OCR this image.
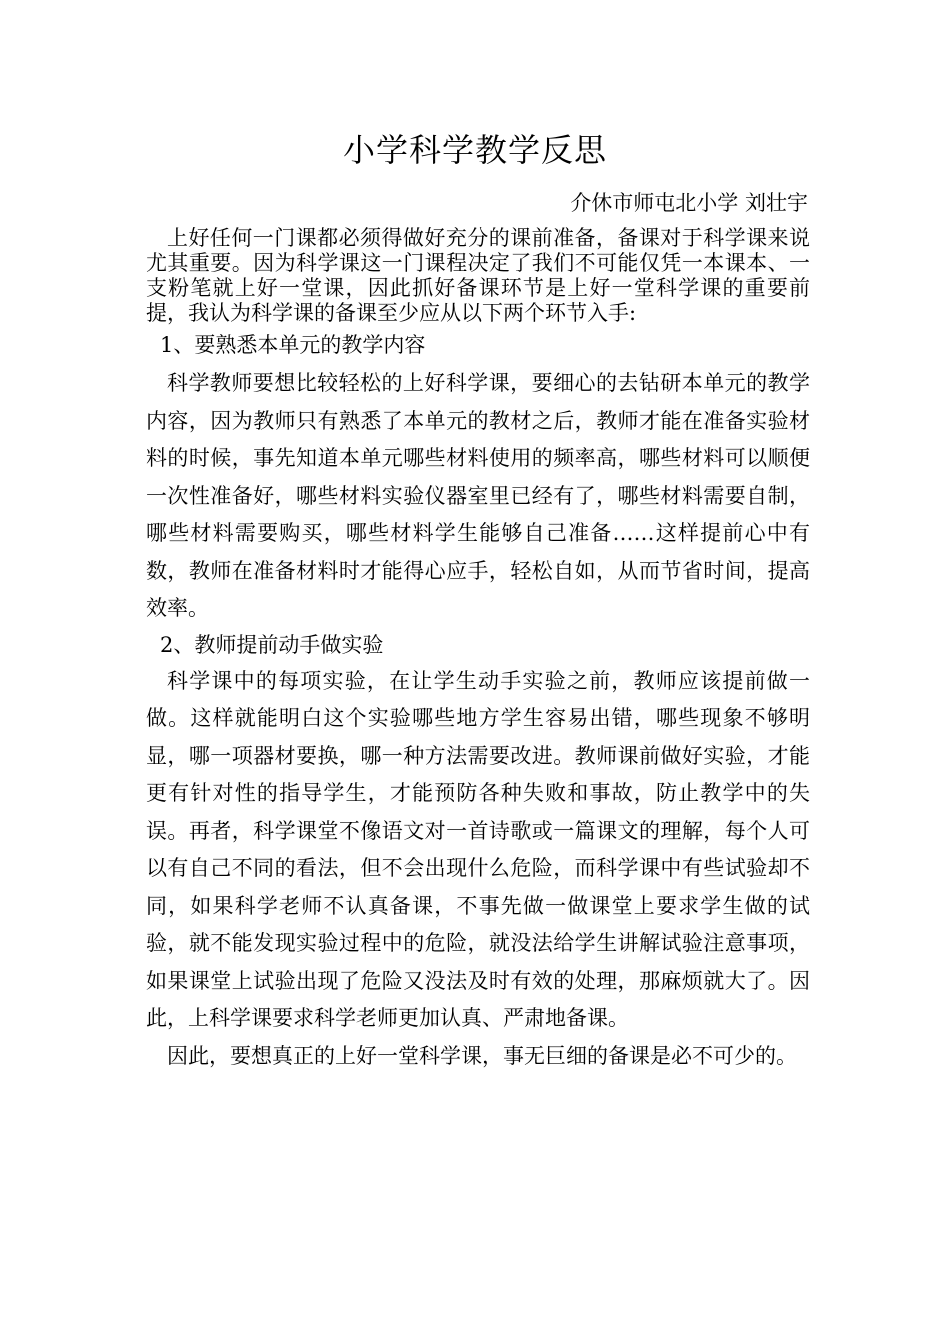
小学科学教学反思
介休市师屯北小学 刘壮宇

上好任何一门课都必须得做好充分的课前准备，备课对于科学课来说尤其重要。因为科学课这一门课程决定了我们不可能仅凭一本课本、一支粉笔就上好一堂课，因此抓好备课环节是上好一堂科学课的重要前提，我认为科学课的备课至少应从以下两个环节入手:

1、要熟悉本单元的教学内容

科学教师要想比较轻松的上好科学课，要细心的去钻研本单元的教学内容，因为教师只有熟悉了本单元的教材之后，教师才能在准备实验材料的时候，事先知道本单元哪些材料使用的频率高，哪些材料可以顺便一次性准备好，哪些材料实验仪器室里已经有了，哪些材料需要自制，哪些材料需要购买，哪些材料学生能够自己准备……这样提前心中有数，教师在准备材料时才能得心应手，轻松自如，从而节省时间，提高效率。

2、教师提前动手做实验

科学课中的每项实验，在让学生动手实验之前，教师应该提前做一做。这样就能明白这个实验哪些地方学生容易出错，哪些现象不够明显，哪一项器材要换，哪一种方法需要改进。教师课前做好实验，才能更有针对性的指导学生，才能预防各种失败和事故，防止教学中的失误。再者，科学课堂不像语文对一首诗歌或一篇课文的理解，每个人可以有自己不同的看法，但不会出现什么危险，而科学课中有些试验却不同，如果科学老师不认真备课，不事先做一做课堂上要求学生做的试验，就不能发现实验过程中的危险，就没法给学生讲解试验注意事项，如果课堂上试验出现了危险又没法及时有效的处理，那麻烦就大了。因此，上科学课要求科学老师更加认真、严肃地备课。

因此，要想真正的上好一堂科学课，事无巨细的备课是必不可少的。
